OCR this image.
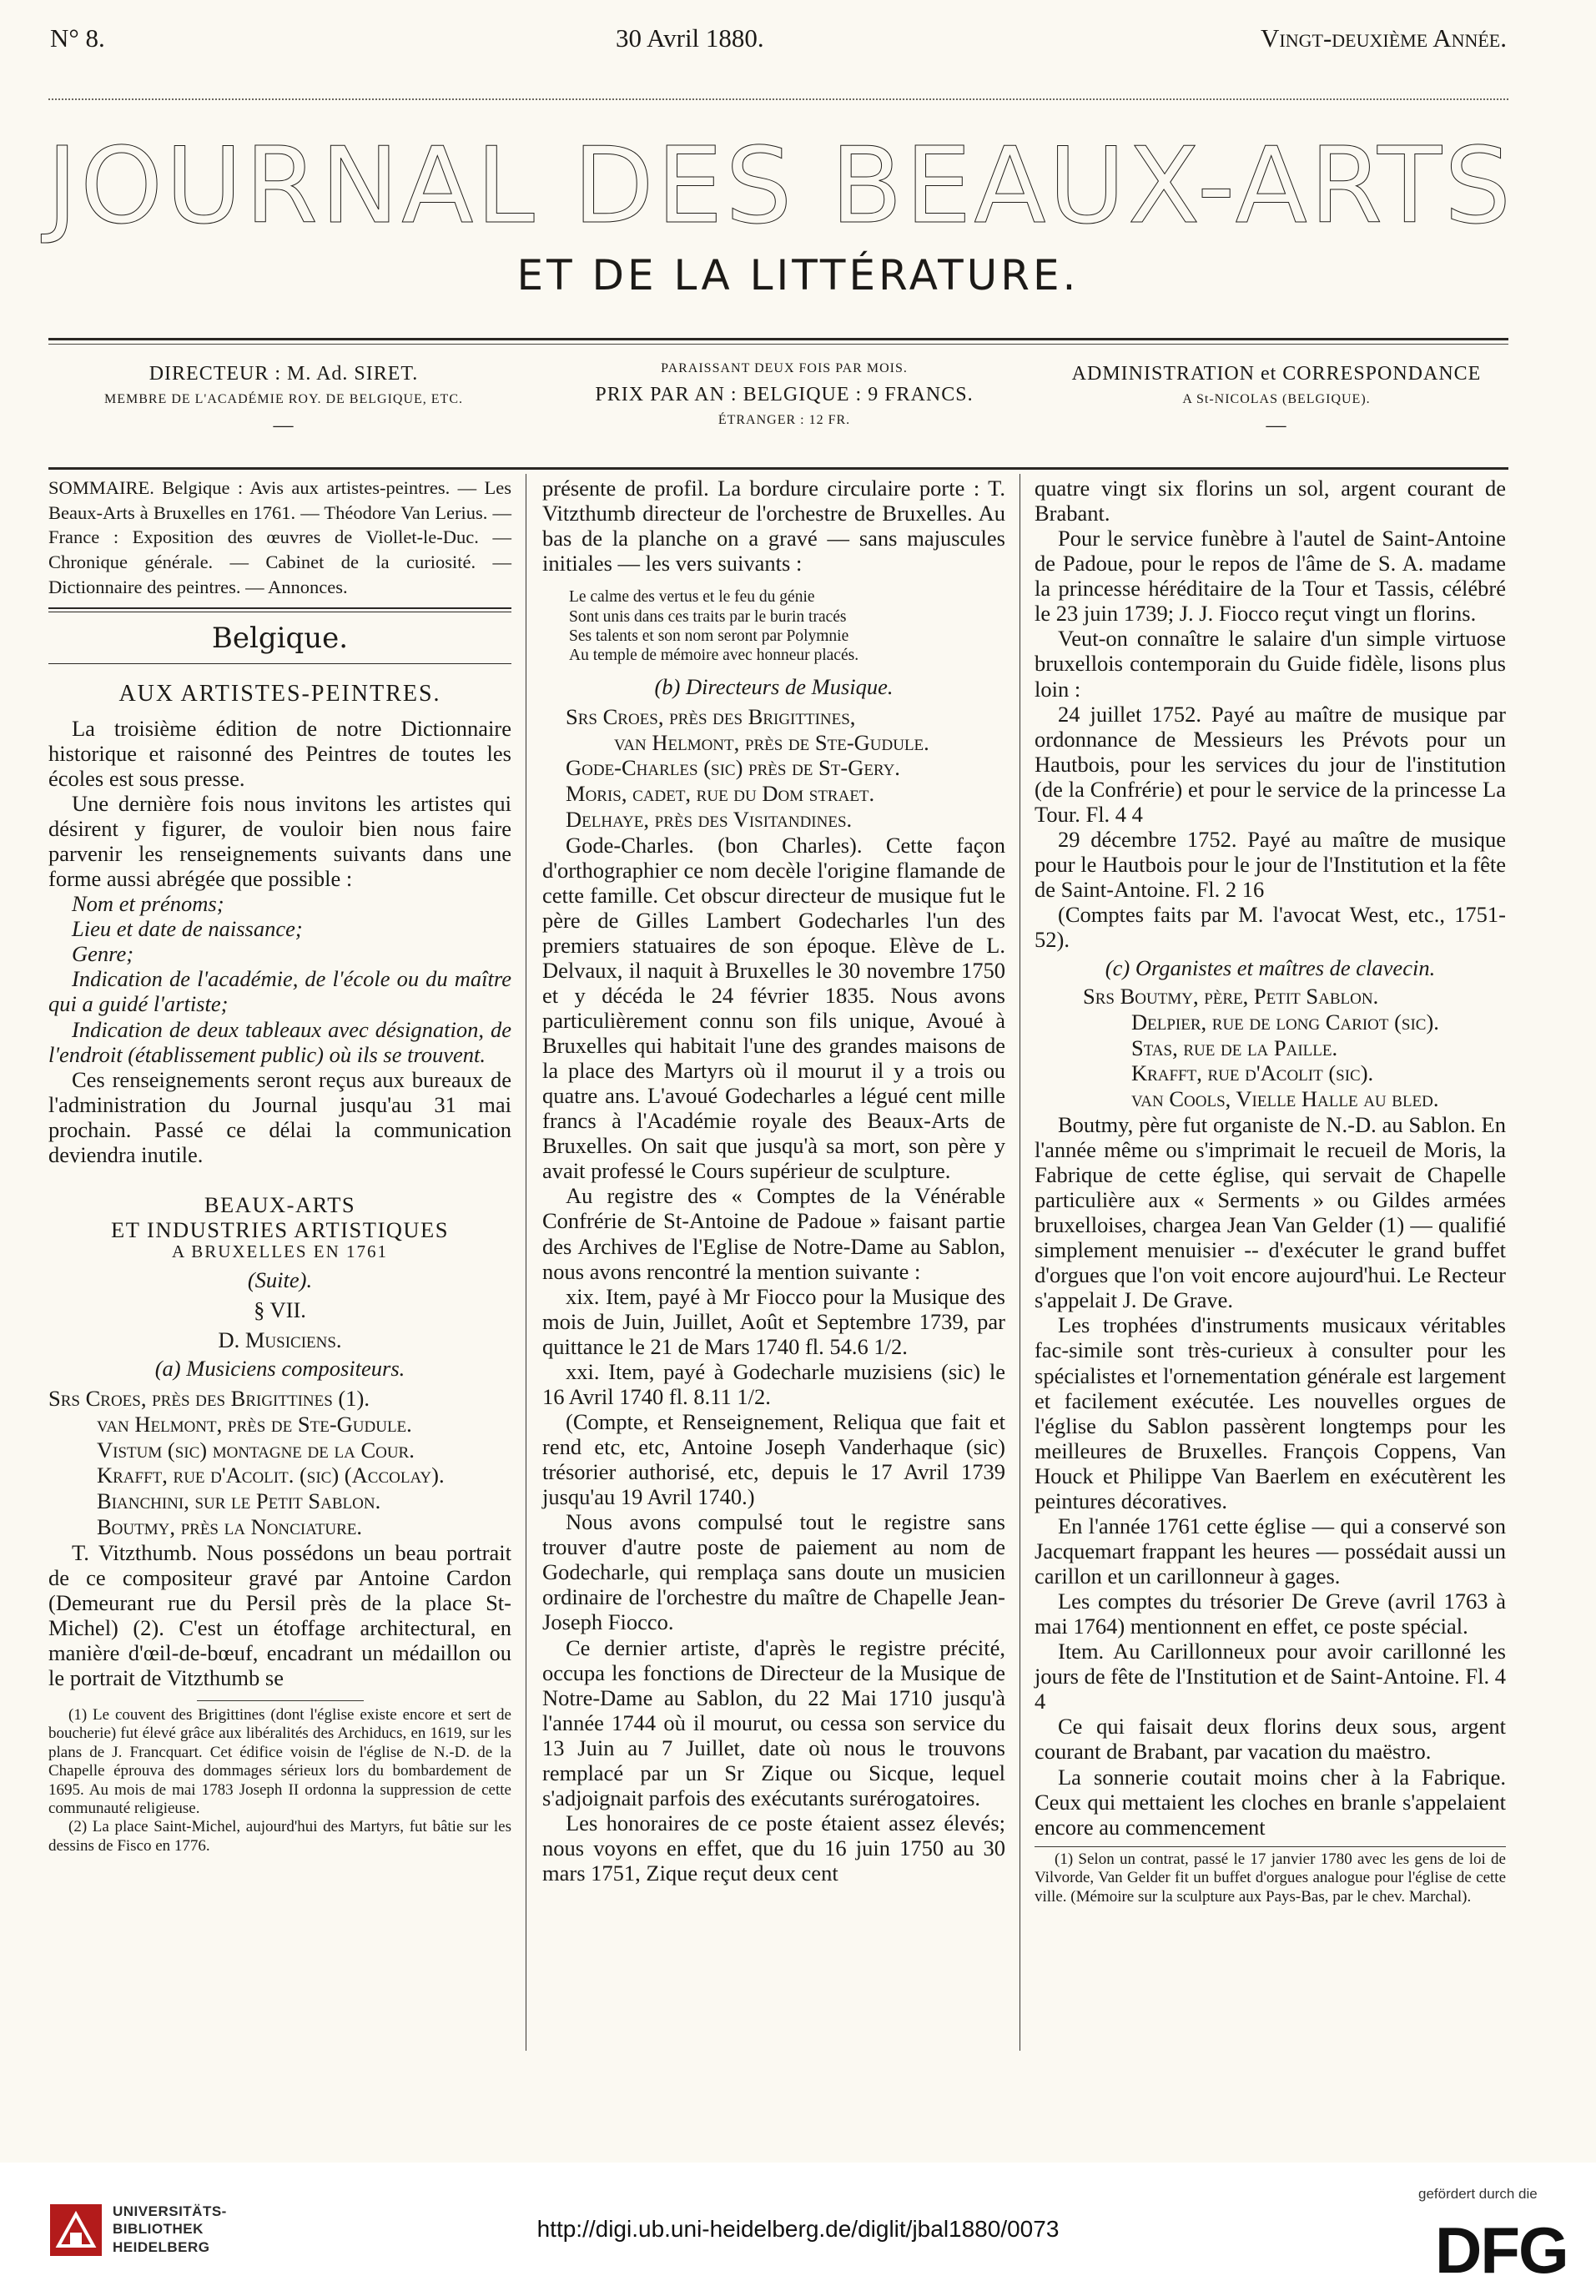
N° 8.	30 Avril 1880.	Vingt-deuxième Année.
JOURNAL DES BEAUX-ARTS
ET DE LA LITTÉRATURE.
DIRECTEUR : M. Ad. SIRET.
MEMBRE DE L'ACADÉMIE ROY. DE BELGIQUE, ETC.
—
PARAISSANT DEUX FOIS PAR MOIS.
PRIX PAR AN : BELGIQUE : 9 FRANCS.
ÉTRANGER : 12 FR.
ADMINISTRATION et CORRESPONDANCE
A St-NICOLAS (BELGIQUE).
—

SOMMAIRE. Belgique : Avis aux artistes-peintres. — Les Beaux-Arts à Bruxelles en 1761. — Théodore Van Lerius. — France : Exposition des œuvres de Viollet-le-Duc. — Chronique générale. — Cabinet de la curiosité. — Dictionnaire des peintres. — Annonces.

Belgique.
AUX ARTISTES-PEINTRES.

La troisième édition de notre Dictionnaire historique et raisonné des Peintres de toutes les écoles est sous presse.

Une dernière fois nous invitons les artistes qui désirent y figurer, de vouloir bien nous faire parvenir les renseignements suivants dans une forme aussi abrégée que possible :

Nom et prénoms;

Lieu et date de naissance;

Genre;

Indication de l'académie, de l'école ou du maître qui a guidé l'artiste;

Indication de deux tableaux avec désignation, de l'endroit (établissement public) où ils se trouvent.

Ces renseignements seront reçus aux bureaux de l'administration du Journal jusqu'au 31 mai prochain. Passé ce délai la communication deviendra inutile.

BEAUX-ARTS
ET INDUSTRIES ARTISTIQUES
A BRUXELLES EN 1761
(Suite).
§ VII.
D. Musiciens.
(a) Musiciens compositeurs.
Srs Croes, près des Brigittines (1).
van Helmont, près de Ste-Gudule.
Vistum (sic) montagne de la Cour.
Krafft, rue d'Acolit. (sic) (Accolay).
Bianchini, sur le Petit Sablon.
Boutmy, près la Nonciature.

T. Vitzthumb. Nous possédons un beau portrait de ce compositeur gravé par Antoine Cardon (Demeurant rue du Persil près de la place St-Michel) (2). C'est un étoffage architectural, en manière d'œil-de-bœuf, encadrant un médaillon ou le portrait de Vitzthumb se

(1) Le couvent des Brigittines (dont l'église existe encore et sert de boucherie) fut élevé grâce aux libéralités des Archiducs, en 1619, sur les plans de J. Francquart. Cet édifice voisin de l'église de N.-D. de la Chapelle éprouva des dommages sérieux lors du bombardement de 1695. Au mois de mai 1783 Joseph II ordonna la suppression de cette communauté religieuse.

(2) La place Saint-Michel, aujourd'hui des Martyrs, fut bâtie sur les dessins de Fisco en 1776.

présente de profil. La bordure circulaire porte : T. Vitzthumb directeur de l'orchestre de Bruxelles. Au bas de la planche on a gravé — sans majuscules initiales — les vers suivants :

Le calme des vertus et le feu du génie
Sont unis dans ces traits par le burin tracés
Ses talents et son nom seront par Polymnie
Au temple de mémoire avec honneur placés.
(b) Directeurs de Musique.
Srs Croes, près des Brigittines,
van Helmont, près de Ste-Gudule.
Gode-Charles (sic) près de St-Gery.
Moris, cadet, rue du Dom straet.
Delhaye, près des Visitandines.

Gode-Charles. (bon Charles). Cette façon d'orthographier ce nom decèle l'origine flamande de cette famille. Cet obscur directeur de musique fut le père de Gilles Lambert Godecharles l'un des premiers statuaires de son époque. Elève de L. Delvaux, il naquit à Bruxelles le 30 novembre 1750 et y décéda le 24 février 1835. Nous avons particulièrement connu son fils unique, Avoué à Bruxelles qui habitait l'une des grandes maisons de la place des Martyrs où il mourut il y a trois ou quatre ans. L'avoué Godecharles a légué cent mille francs à l'Académie royale des Beaux-Arts de Bruxelles. On sait que jusqu'à sa mort, son père y avait professé le Cours supérieur de sculpture.

Au registre des « Comptes de la Vénérable Confrérie de St-Antoine de Padoue » faisant partie des Archives de l'Eglise de Notre-Dame au Sablon, nous avons rencontré la mention suivante :

xix. Item, payé à Mr Fiocco pour la Musique des mois de Juin, Juillet, Août et Septembre 1739, par quittance le 21 de Mars 1740 fl. 54.6 1/2.

xxi. Item, payé à Godecharle muzisiens (sic) le 16 Avril 1740 fl. 8.11 1/2.

(Compte, et Renseignement, Reliqua que fait et rend etc, etc, Antoine Joseph Vanderhaque (sic) trésorier authorisé, etc, depuis le 17 Avril 1739 jusqu'au 19 Avril 1740.)

Nous avons compulsé tout le registre sans trouver d'autre poste de paiement au nom de Godecharle, qui remplaça sans doute un musicien ordinaire de l'orchestre du maître de Chapelle Jean-Joseph Fiocco.

Ce dernier artiste, d'après le registre précité, occupa les fonctions de Directeur de la Musique de Notre-Dame au Sablon, du 22 Mai 1710 jusqu'à l'année 1744 où il mourut, ou cessa son service du 13 Juin au 7 Juillet, date où nous le trouvons remplacé par un Sr Zique ou Sicque, lequel s'adjoignait parfois des exécutants surérogatoires.

Les honoraires de ce poste étaient assez élevés; nous voyons en effet, que du 16 juin 1750 au 30 mars 1751, Zique reçut deux cent

quatre vingt six florins un sol, argent courant de Brabant.

Pour le service funèbre à l'autel de Saint-Antoine de Padoue, pour le repos de l'âme de S. A. madame la princesse héréditaire de la Tour et Tassis, célébré le 23 juin 1739; J. J. Fiocco reçut vingt un florins.

Veut-on connaître le salaire d'un simple virtuose bruxellois contemporain du Guide fidèle, lisons plus loin :

24 juillet 1752. Payé au maître de musique par ordonnance de Messieurs les Prévots pour un Hautbois, pour les services du jour de l'institution (de la Confrérie) et pour le service de la princesse La Tour. Fl. 4 4

29 décembre 1752. Payé au maître de musique pour le Hautbois pour le jour de l'Institution et la fête de Saint-Antoine. Fl. 2 16

(Comptes faits par M. l'avocat West, etc., 1751-52).

(c) Organistes et maîtres de clavecin.
Srs Boutmy, père, Petit Sablon.
Delpier, rue de long Cariot (sic).
Stas, rue de la Paille.
Krafft, rue d'Acolit (sic).
van Cools, Vielle Halle au bled.

Boutmy, père fut organiste de N.-D. au Sablon. En l'année même ou s'imprimait le recueil de Moris, la Fabrique de cette église, qui servait de Chapelle particulière aux « Serments » ou Gildes armées bruxelloises, chargea Jean Van Gelder (1) — qualifié simplement menuisier -- d'exécuter le grand buffet d'orgues que l'on voit encore aujourd'hui. Le Recteur s'appelait J. De Grave.

Les trophées d'instruments musicaux véritables fac-simile sont très-curieux à consulter pour les spécialistes et l'ornementation générale est largement et facilement exécutée. Les nouvelles orgues de l'église du Sablon passèrent longtemps pour les meilleures de Bruxelles. François Coppens, Van Houck et Philippe Van Baerlem en exécutèrent les peintures décoratives.

En l'année 1761 cette église — qui a conservé son Jacquemart frappant les heures — possédait aussi un carillon et un carillonneur à gages.

Les comptes du trésorier De Greve (avril 1763 à mai 1764) mentionnent en effet, ce poste spécial.

Item. Au Carillonneux pour avoir carillonné les jours de fête de l'Institution et de Saint-Antoine. Fl. 4 4

Ce qui faisait deux florins deux sous, argent courant de Brabant, par vacation du maëstro.

La sonnerie coutait moins cher à la Fabrique. Ceux qui mettaient les cloches en branle s'appelaient encore au commencement

(1) Selon un contrat, passé le 17 janvier 1780 avec les gens de loi de Vilvorde, Van Gelder fit un buffet d'orgues analogue pour l'église de cette ville. (Mémoire sur la sculpture aux Pays-Bas, par le chev. Marchal).

UNIVERSITÄTS-
BIBLIOTHEK
HEIDELBERG
http://digi.ub.uni-heidelberg.de/diglit/jbal1880/0073
gefördert durch die
DFG
